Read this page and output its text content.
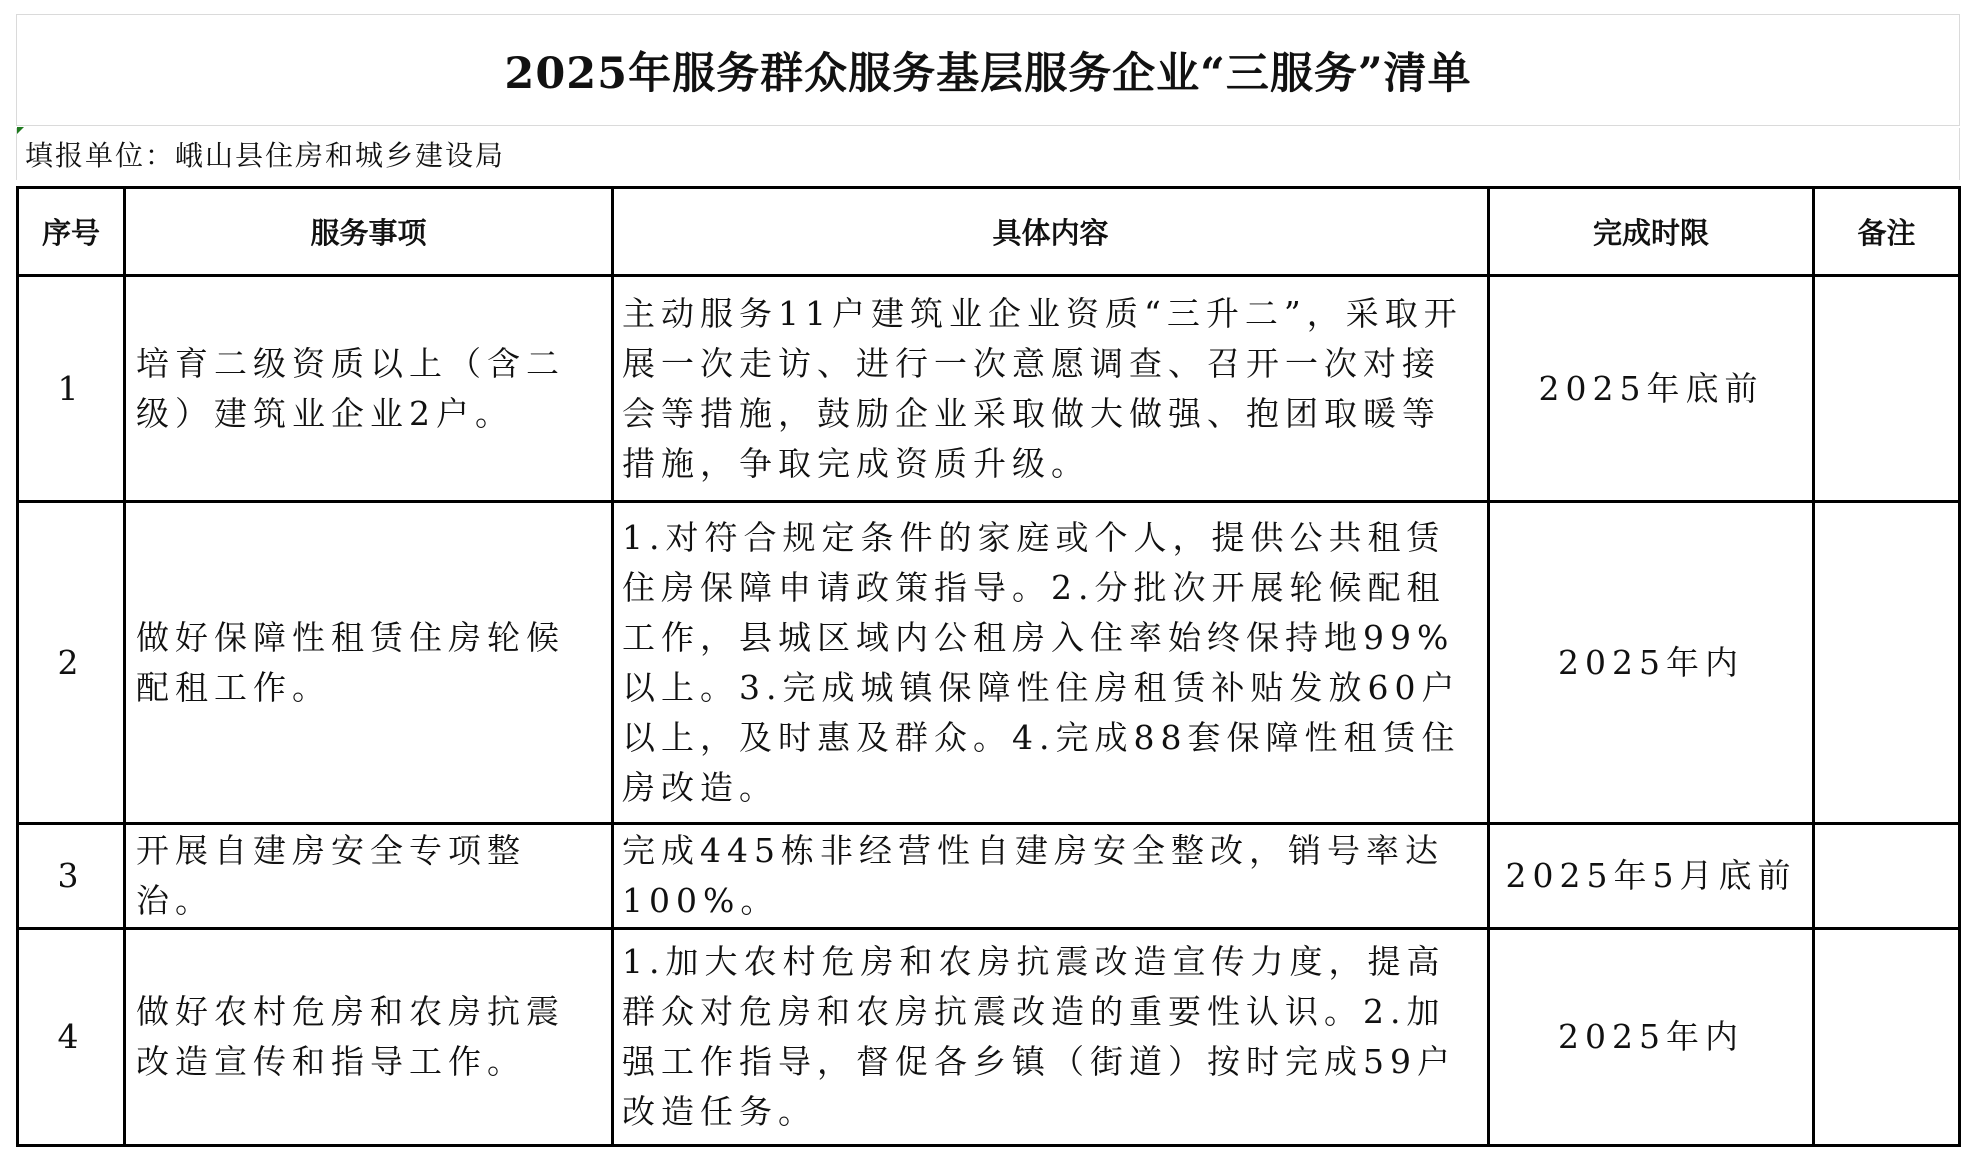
2025年服务群众服务基层服务企业“三服务”清单
填报单位：峨山县住房和城乡建设局
序号	服务事项	具体内容	完成时限	备注
1	培育二级资质以上（含二级）建筑业企业2户。	主动服务11户建筑业企业资质“三升二”，采取开展一次走访、进行一次意愿调查、召开一次对接会等措施，鼓励企业采取做大做强、抱团取暖等措施，争取完成资质升级。	2025年底前	
2	做好保障性租赁住房轮候配租工作。	1.对符合规定条件的家庭或个人，提供公共租赁住房保障申请政策指导。2.分批次开展轮候配租工作，县城区域内公租房入住率始终保持地99%以上。3.完成城镇保障性住房租赁补贴发放60户以上，及时惠及群众。4.完成88套保障性租赁住房改造。	2025年内	
3	开展自建房安全专项整治。	完成445栋非经营性自建房安全整改，销号率达100%。	2025年5月底前	
4	做好农村危房和农房抗震改造宣传和指导工作。	1.加大农村危房和农房抗震改造宣传力度，提高群众对危房和农房抗震改造的重要性认识。2.加强工作指导，督促各乡镇（街道）按时完成59户改造任务。	2025年内	
